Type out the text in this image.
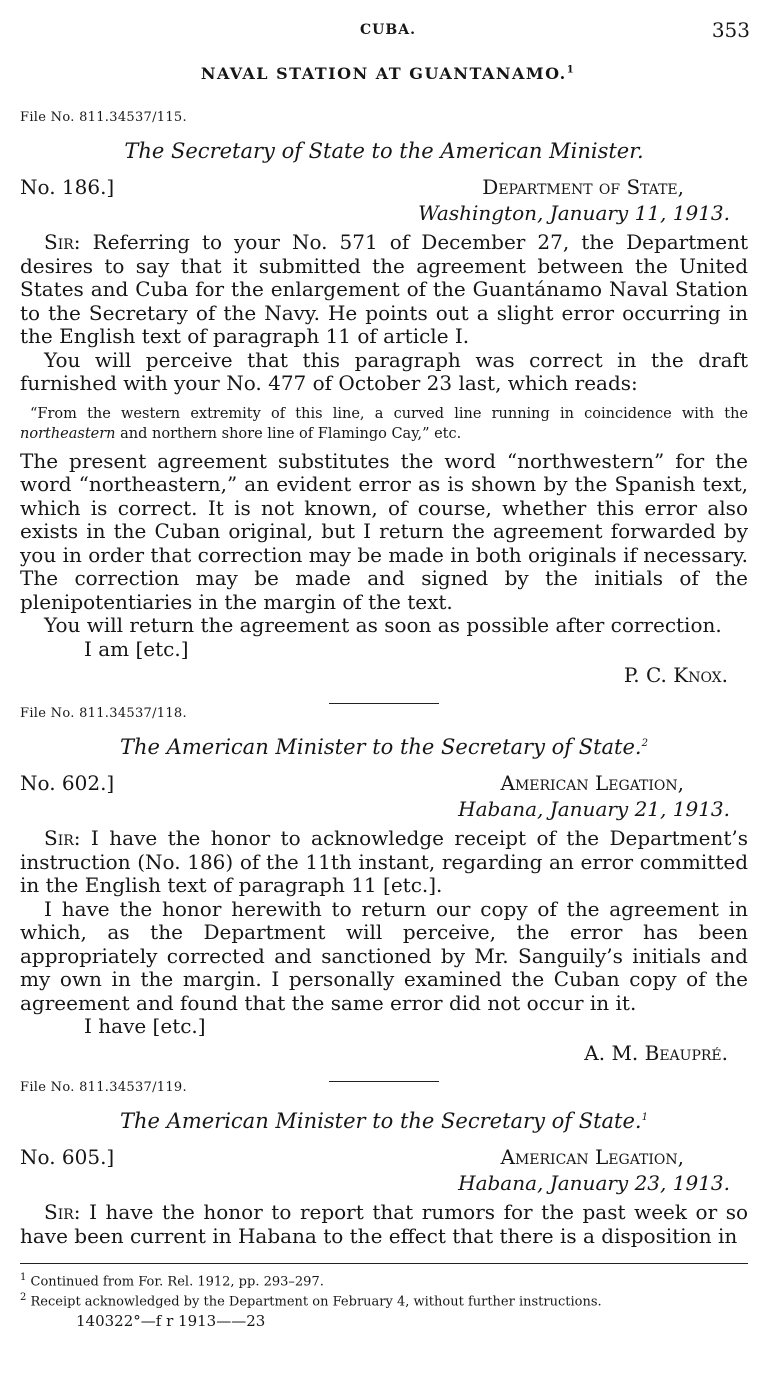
CUBA.	353
NAVAL STATION AT GUANTANAMO.$^1$
File No. 811.34537/115.
The Secretary of State to the American Minister.
No. 186.]	Department of State,
Washington, January 11, 1913.

Sir: Referring to your No. 571 of December 27, the Department desires to say that it submitted the agreement between the United States and Cuba for the enlargement of the Guantánamo Naval Station to the Secretary of the Navy. He points out a slight error occurring in the English text of paragraph 11 of article I.

You will perceive that this paragraph was correct in the draft furnished with your No. 477 of October 23 last, which reads:

“From the western extremity of this line, a curved line running in coincidence with the northeastern and northern shore line of Flamingo Cay,” etc.

The present agreement substitutes the word “northwestern” for the word “northeastern,” an evident error as is shown by the Spanish text, which is correct. It is not known, of course, whether this error also exists in the Cuban original, but I return the agreement forwarded by you in order that correction may be made in both originals if necessary. The correction may be made and signed by the initials of the plenipotentiaries in the margin of the text.

You will return the agreement as soon as possible after correction.

I am [etc.]
P. C. Knox.
File No. 811.34537/118.
The American Minister to the Secretary of State.$^2$
No. 602.]	American Legation,
Habana, January 21, 1913.

Sir: I have the honor to acknowledge receipt of the Department’s instruction (No. 186) of the 11th instant, regarding an error committed in the English text of paragraph 11 [etc.].

I have the honor herewith to return our copy of the agreement in which, as the Department will perceive, the error has been appropriately corrected and sanctioned by Mr. Sanguily’s initials and my own in the margin. I personally examined the Cuban copy of the agreement and found that the same error did not occur in it.

I have [etc.]
A. M. Beaupré.
File No. 811.34537/119.
The American Minister to the Secretary of State.$^1$
No. 605.]	American Legation,
Habana, January 23, 1913.

Sir: I have the honor to report that rumors for the past week or so have been current in Habana to the effect that there is a disposition in

$^1$ Continued from For. Rel. 1912, pp. 293–297.
$^2$ Receipt acknowledged by the Department on February 4, without further instructions.
140322°—f r 1913——23
